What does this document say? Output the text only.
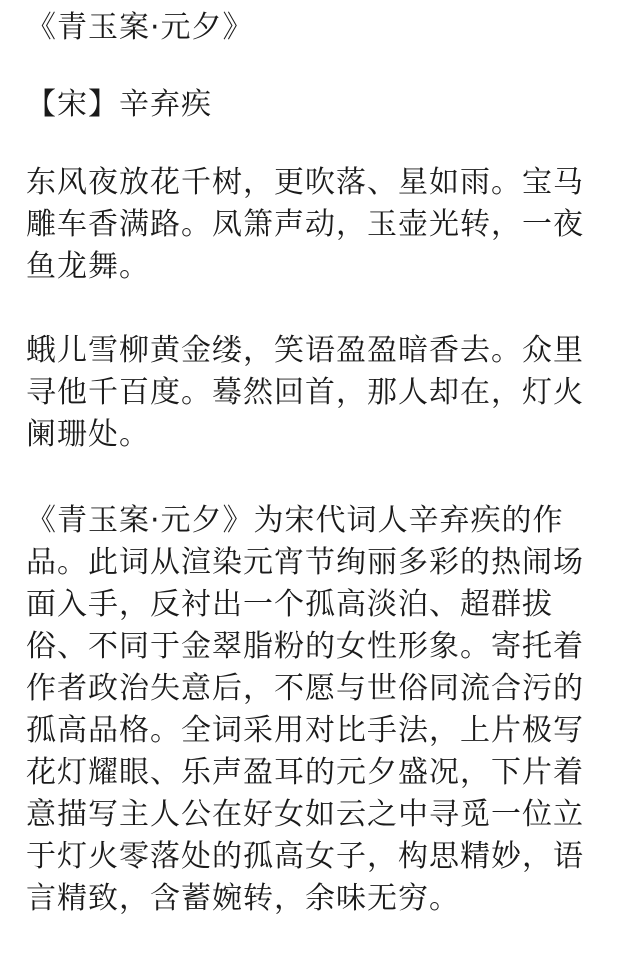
《青玉案·元夕》
【宋】辛弃疾
东风夜放花千树，更吹落、星如雨。宝马
雕车香满路。凤箫声动，玉壶光转，一夜
鱼龙舞。
蛾儿雪柳黄金缕，笑语盈盈暗香去。众里
寻他千百度。蓦然回首，那人却在，灯火
阑珊处。
《青玉案·元夕》为宋代词人辛弃疾的作
品。此词从渲染元宵节绚丽多彩的热闹场
面入手，反衬出一个孤高淡泊、超群拔
俗、不同于金翠脂粉的女性形象。寄托着
作者政治失意后，不愿与世俗同流合污的
孤高品格。全词采用对比手法，上片极写
花灯耀眼、乐声盈耳的元夕盛况，下片着
意描写主人公在好女如云之中寻觅一位立
于灯火零落处的孤高女子，构思精妙，语
言精致，含蓄婉转，余味无穷。
